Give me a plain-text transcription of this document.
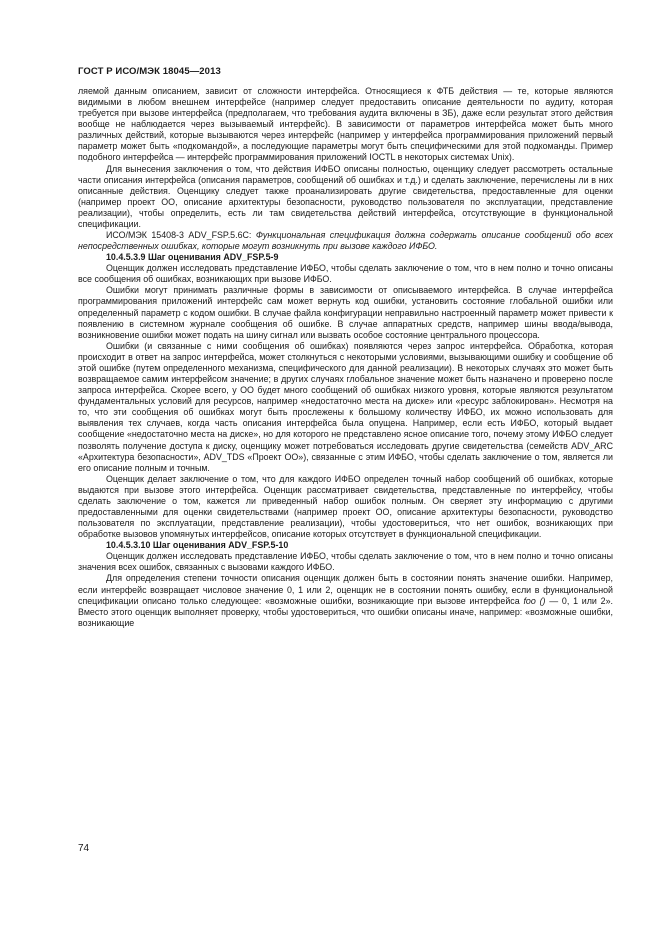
ГОСТ Р ИСО/МЭК 18045—2013

ляемой данным описанием, зависит от сложности интерфейса. Относящиеся к ФТБ действия — те, которые являются видимыми в любом внешнем интерфейсе (например следует предоставить описание деятельности по аудиту, которая требуется при вызове интерфейса (предполагаем, что требования аудита включены в ЗБ), даже если результат этого действия вообще не наблюдается через вызываемый интерфейс). В зависимости от параметров интерфейса может быть много различных действий, которые вызываются через интерфейс (например у интерфейса программирования приложений первый параметр может быть «подкомандой», а последующие параметры могут быть специфическими для этой подкоманды. Пример подобного интерфейса — интерфейс программирования приложений IOCTL в некоторых системах Unix).

Для вынесения заключения о том, что действия ИФБО описаны полностью, оценщику следует рассмотреть остальные части описания интерфейса (описания параметров, сообщений об ошибках и т.д.) и сделать заключение, перечислены ли в них описанные действия. Оценщику следует также проанализировать другие свидетельства, предоставленные для оценки (например проект ОО, описание архитектуры безопасности, руководство пользователя по эксплуатации, представление реализации), чтобы определить, есть ли там свидетельства действий интерфейса, отсутствующие в функциональной спецификации.

ИСО/МЭК 15408-3 ADV_FSP.5.6C: Функциональная спецификация должна содержать описание сообщений обо всех непосредственных ошибках, которые могут возникнуть при вызове каждого ИФБО.

10.4.5.3.9 Шаг оценивания ADV_FSP.5-9

Оценщик должен исследовать представление ИФБО, чтобы сделать заключение о том, что в нем полно и точно описаны все сообщения об ошибках, возникающих при вызове ИФБО.

Ошибки могут принимать различные формы в зависимости от описываемого интерфейса. В случае интерфейса программирования приложений интерфейс сам может вернуть код ошибки, установить состояние глобальной ошибки или определенный параметр с кодом ошибки. В случае файла конфигурации неправильно настроенный параметр может привести к появлению в системном журнале сообщения об ошибке. В случае аппаратных средств, например шины ввода/вывода, возникновение ошибки может подать на шину сигнал или вызвать особое состояние центрального процессора.

Ошибки (и связанные с ними сообщения об ошибках) появляются через запрос интерфейса. Обработка, которая происходит в ответ на запрос интерфейса, может столкнуться с некоторыми условиями, вызывающими ошибку и сообщение об этой ошибке (путем определенного механизма, специфического для данной реализации). В некоторых случаях это может быть возвращаемое самим интерфейсом значение; в других случаях глобальное значение может быть назначено и проверено после запроса интерфейса. Скорее всего, у ОО будет много сообщений об ошибках низкого уровня, которые являются результатом фундаментальных условий для ресурсов, например «недостаточно места на диске» или «ресурс заблокирован». Несмотря на то, что эти сообщения об ошибках могут быть прослежены к большому количеству ИФБО, их можно использовать для выявления тех случаев, когда часть описания интерфейса была опущена. Например, если есть ИФБО, который выдает сообщение «недостаточно места на диске», но для которого не представлено ясное описание того, почему этому ИФБО следует позволять получение доступа к диску, оценщику может потребоваться исследовать другие свидетельства (семейств ADV_ARC «Архитектура безопасности», ADV_TDS «Проект ОО»), связанные с этим ИФБО, чтобы сделать заключение о том, является ли его описание полным и точным.

Оценщик делает заключение о том, что для каждого ИФБО определен точный набор сообщений об ошибках, которые выдаются при вызове этого интерфейса. Оценщик рассматривает свидетельства, представленные по интерфейсу, чтобы сделать заключение о том, кажется ли приведенный набор ошибок полным. Он сверяет эту информацию с другими предоставленными для оценки свидетельствами (например проект ОО, описание архитектуры безопасности, руководство пользователя по эксплуатации, представление реализации), чтобы удостовериться, что нет ошибок, возникающих при обработке вызовов упомянутых интерфейсов, описание которых отсутствует в функциональной спецификации.

10.4.5.3.10 Шаг оценивания ADV_FSP.5-10

Оценщик должен исследовать представление ИФБО, чтобы сделать заключение о том, что в нем полно и точно описаны значения всех ошибок, связанных с вызовами каждого ИФБО.

Для определения степени точности описания оценщик должен быть в состоянии понять значение ошибки. Например, если интерфейс возвращает числовое значение 0, 1 или 2, оценщик не в состоянии понять ошибку, если в функциональной спецификации описано только следующее: «возможные ошибки, возникающие при вызове интерфейса foo () — 0, 1 или 2». Вместо этого оценщик выполняет проверку, чтобы удостовериться, что ошибки описаны иначе, например: «возможные ошибки, возникающие

74
